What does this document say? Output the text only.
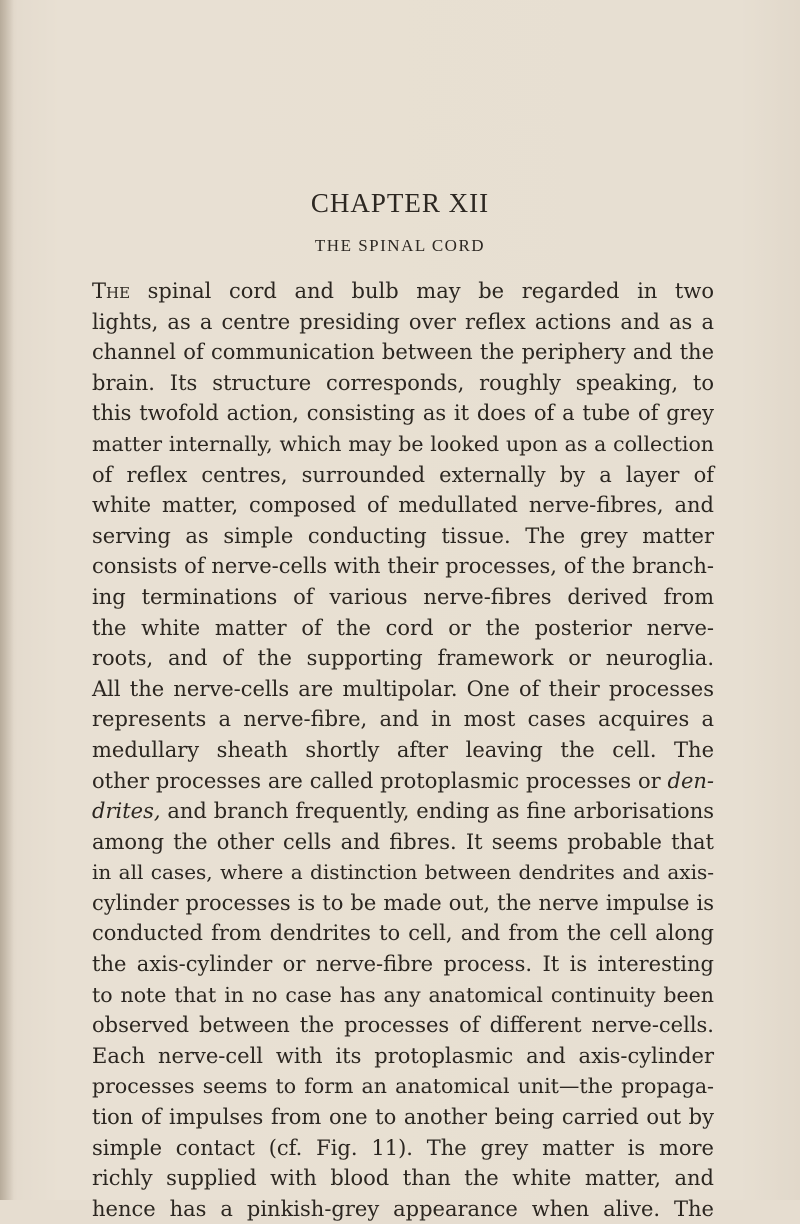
CHAPTER XII
THE SPINAL CORD
The spinal cord and bulb may be regarded in two
lights, as a centre presiding over reflex actions and as a
channel of communication between the periphery and the
brain. Its structure corresponds, roughly speaking, to
this twofold action, consisting as it does of a tube of grey
matter internally, which may be looked upon as a collection
of reflex centres, surrounded externally by a layer of
white matter, composed of medullated nerve-fibres, and
serving as simple conducting tissue. The grey matter
consists of nerve-cells with their processes, of the branch-
ing terminations of various nerve-fibres derived from
the white matter of the cord or the posterior nerve-
roots, and of the supporting framework or neuroglia.
All the nerve-cells are multipolar. One of their processes
represents a nerve-fibre, and in most cases acquires a
medullary sheath shortly after leaving the cell. The
other processes are called protoplasmic processes or den-
drites, and branch frequently, ending as fine arborisations
among the other cells and fibres. It seems probable that
in all cases, where a distinction between dendrites and axis-
cylinder processes is to be made out, the nerve impulse is
conducted from dendrites to cell, and from the cell along
the axis-cylinder or nerve-fibre process. It is interesting
to note that in no case has any anatomical continuity been
observed between the processes of different nerve-cells.
Each nerve-cell with its protoplasmic and axis-cylinder
processes seems to form an anatomical unit—the propaga-
tion of impulses from one to another being carried out by
simple contact (cf. Fig. 11). The grey matter is more
richly supplied with blood than the white matter, and
hence has a pinkish-grey appearance when alive. The
